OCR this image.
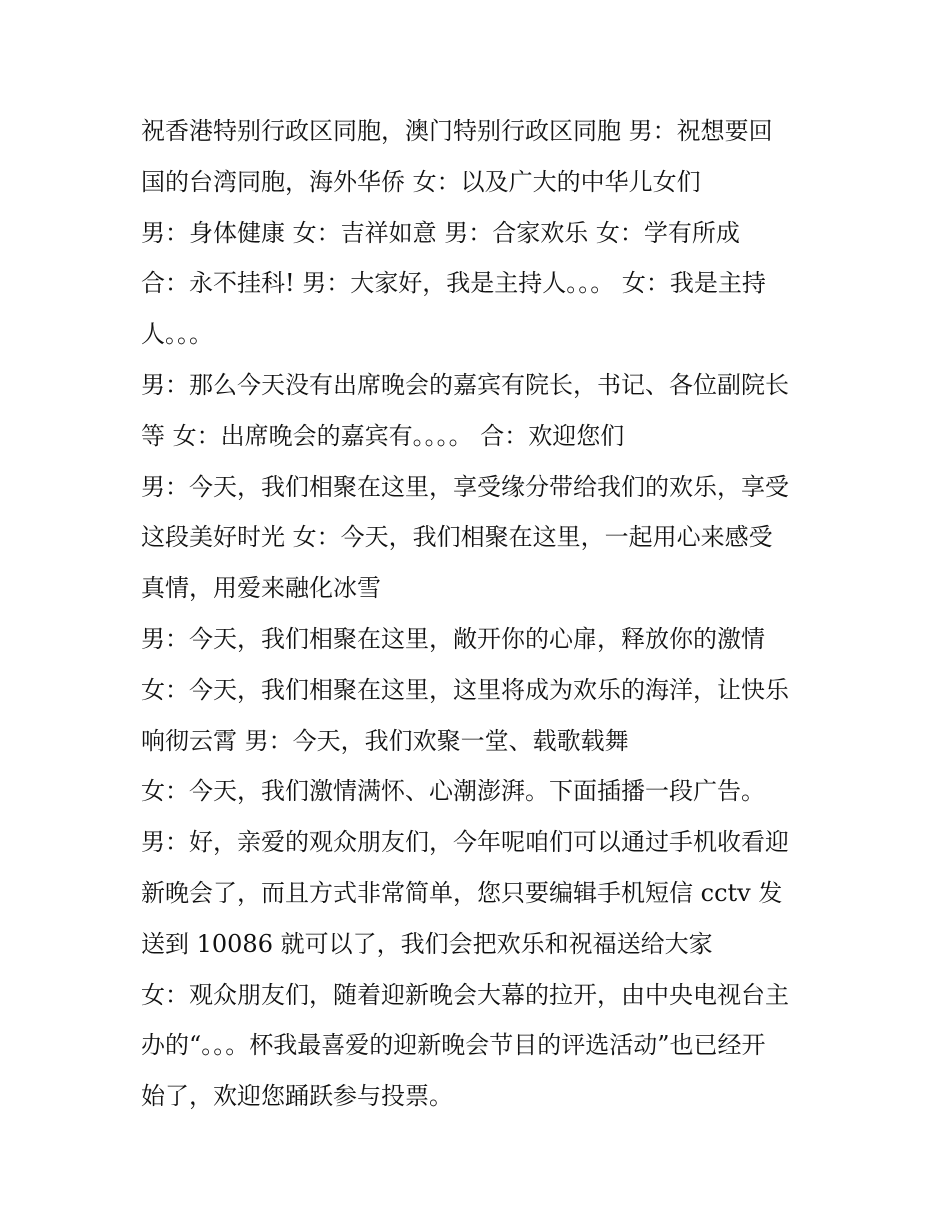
祝香港特别行政区同胞，澳门特别行政区同胞 男：祝想要回
国的台湾同胞，海外华侨 女：以及广大的中华儿女们
男：身体健康 女：吉祥如意 男：合家欢乐 女：学有所成
合：永不挂科! 男：大家好，我是主持人。。。 女：我是主持
人。。。
男：那么今天没有出席晚会的嘉宾有院长，书记、各位副院长
等 女：出席晚会的嘉宾有。。。。 合：欢迎您们
男：今天，我们相聚在这里，享受缘分带给我们的欢乐，享受
这段美好时光 女：今天，我们相聚在这里，一起用心来感受
真情，用爱来融化冰雪
男：今天，我们相聚在这里，敞开你的心扉，释放你的激情
女：今天，我们相聚在这里，这里将成为欢乐的海洋，让快乐
响彻云霄 男：今天，我们欢聚一堂、载歌载舞
女：今天，我们激情满怀、心潮澎湃。下面插播一段广告。
男：好，亲爱的观众朋友们，今年呢咱们可以通过手机收看迎
新晚会了，而且方式非常简单，您只要编辑手机短信 cctv 发
送到 10086 就可以了，我们会把欢乐和祝福送给大家
女：观众朋友们，随着迎新晚会大幕的拉开，由中央电视台主
办的“。。。杯我最喜爱的迎新晚会节目的评选活动”也已经开
始了，欢迎您踊跃参与投票。
